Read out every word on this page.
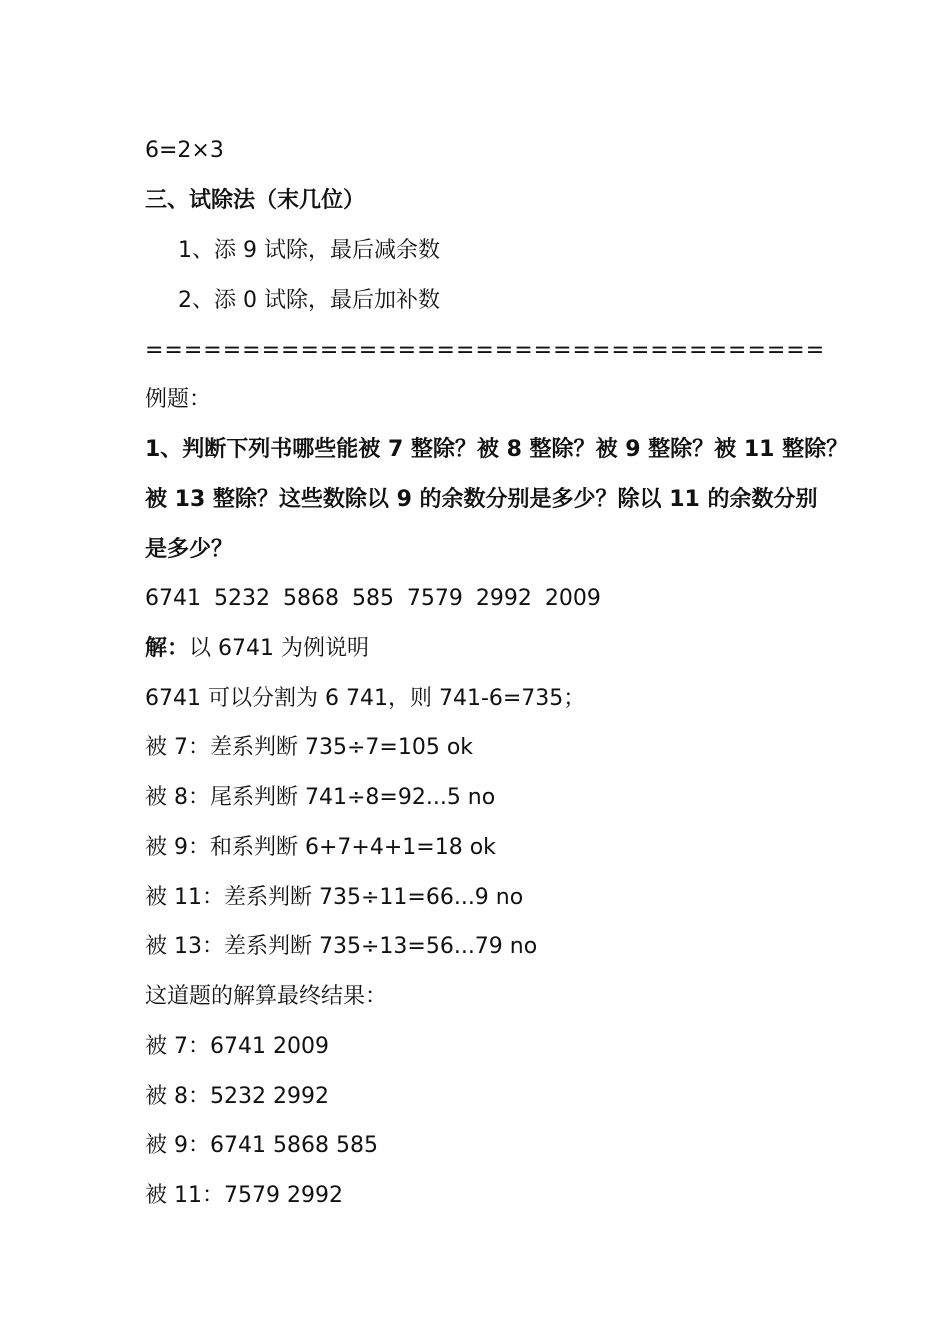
6=2×3
三、试除法（末几位）
1、添 9 试除，最后减余数
2、添 0 试除，最后加补数
===================================
例题：
1、判断下列书哪些能被 7 整除？被 8 整除？被 9 整除？被 11 整除？
被 13 整除？这些数除以 9 的余数分别是多少？除以 11 的余数分别
是多少？
6741 5232 5868 585 7579 2992 2009
解：以 6741 为例说明
6741 可以分割为 6 741，则 741-6=735；
被 7：差系判断 735÷7=105 ok
被 8：尾系判断 741÷8=92...5 no
被 9：和系判断 6+7+4+1=18 ok
被 11：差系判断 735÷11=66...9 no
被 13：差系判断 735÷13=56...79 no
这道题的解算最终结果：
被 7：6741 2009
被 8：5232 2992
被 9：6741 5868 585
被 11：7579 2992
